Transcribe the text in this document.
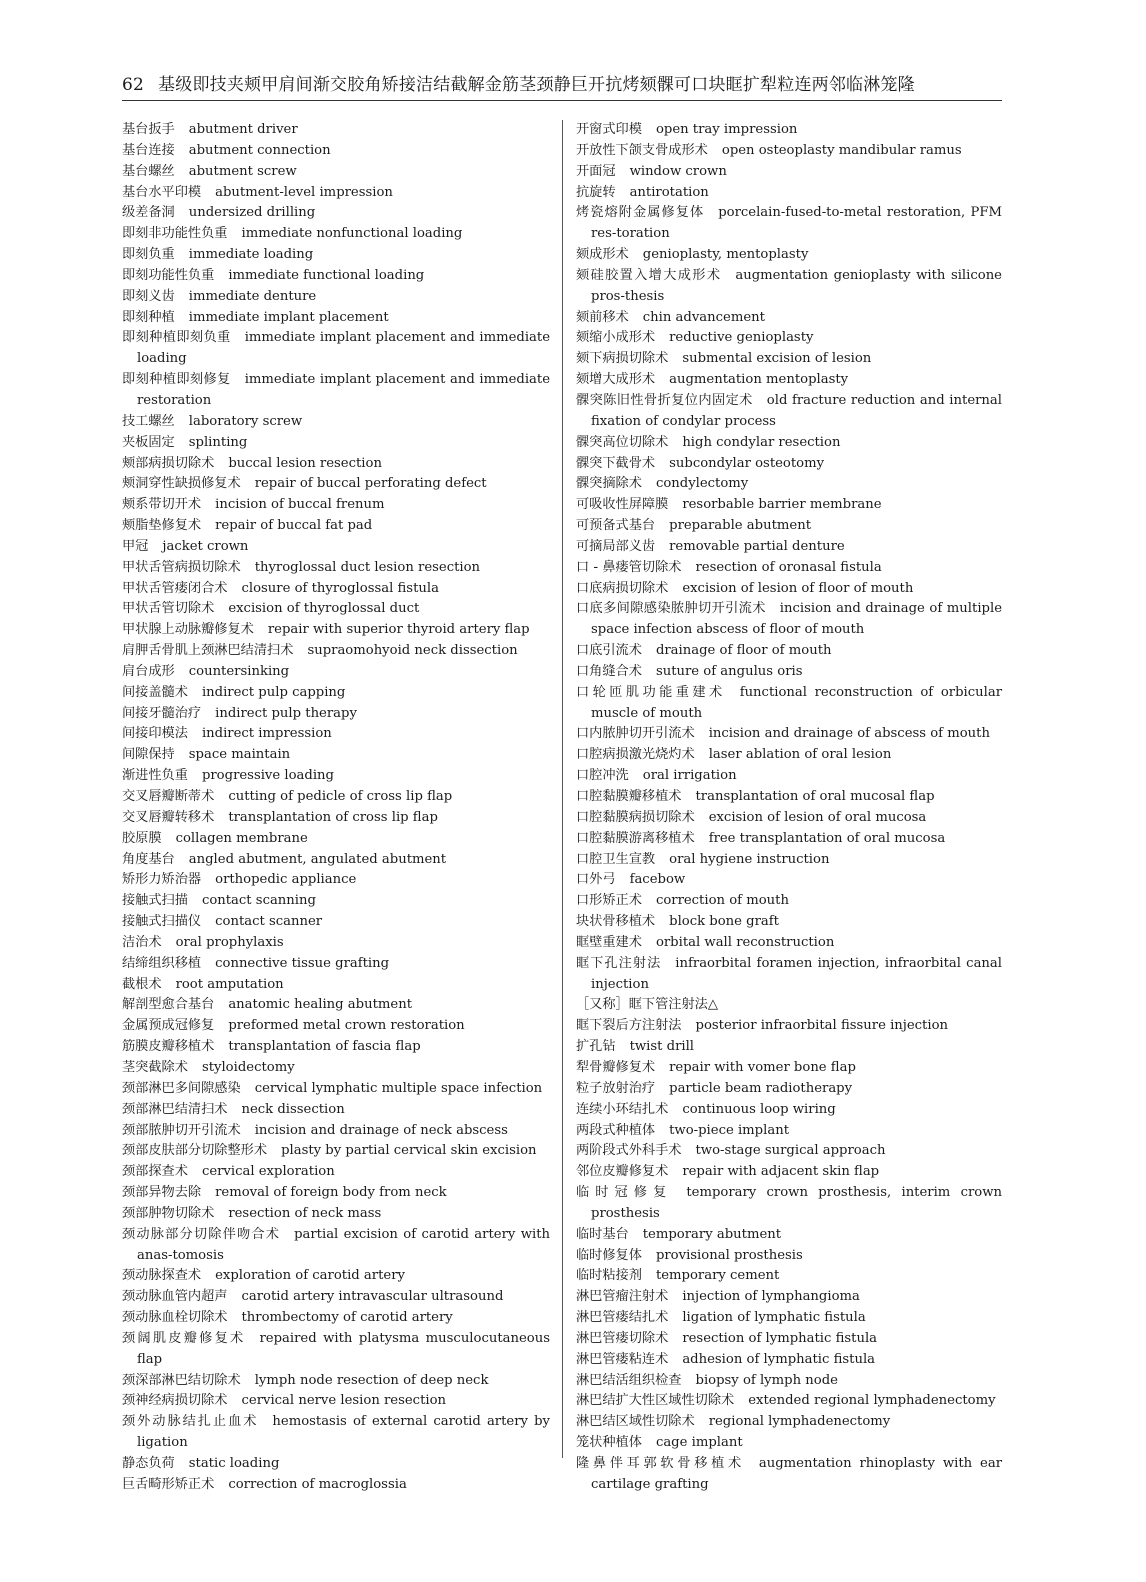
62 基级即技夹颊甲肩间渐交胶角矫接洁结截解金筋茎颈静巨开抗烤颏髁可口块眶扩犁粒连两邻临淋笼隆
基台扳手 abutment driver
基台连接 abutment connection
基台螺丝 abutment screw
基台水平印模 abutment-level impression
级差备洞 undersized drilling
即刻非功能性负重 immediate nonfunctional loading
即刻负重 immediate loading
即刻功能性负重 immediate functional loading
即刻义齿 immediate denture
即刻种植 immediate implant placement
即刻种植即刻负重 immediate implant placement and immediate loading
即刻种植即刻修复 immediate implant placement and immediate restoration
技工螺丝 laboratory screw
夹板固定 splinting
颊部病损切除术 buccal lesion resection
颊洞穿性缺损修复术 repair of buccal perforating defect
颊系带切开术 incision of buccal frenum
颊脂垫修复术 repair of buccal fat pad
甲冠 jacket crown
甲状舌管病损切除术 thyroglossal duct lesion resection
甲状舌管瘘闭合术 closure of thyroglossal fistula
甲状舌管切除术 excision of thyroglossal duct
甲状腺上动脉瓣修复术 repair with superior thyroid artery flap
肩胛舌骨肌上颈淋巴结清扫术 supraomohyoid neck dissection
肩台成形 countersinking
间接盖髓术 indirect pulp capping
间接牙髓治疗 indirect pulp therapy
间接印模法 indirect impression
间隙保持 space maintain
渐进性负重 progressive loading
交叉唇瓣断蒂术 cutting of pedicle of cross lip flap
交叉唇瓣转移术 transplantation of cross lip flap
胶原膜 collagen membrane
角度基台 angled abutment, angulated abutment
矫形力矫治器 orthopedic appliance
接触式扫描 contact scanning
接触式扫描仪 contact scanner
洁治术 oral prophylaxis
结缔组织移植 connective tissue grafting
截根术 root amputation
解剖型愈合基台 anatomic healing abutment
金属预成冠修复 preformed metal crown restoration
筋膜皮瓣移植术 transplantation of fascia flap
茎突截除术 styloidectomy
颈部淋巴多间隙感染 cervical lymphatic multiple space infection
颈部淋巴结清扫术 neck dissection
颈部脓肿切开引流术 incision and drainage of neck abscess
颈部皮肤部分切除整形术 plasty by partial cervical skin excision
颈部探查术 cervical exploration
颈部异物去除 removal of foreign body from neck
颈部肿物切除术 resection of neck mass
颈动脉部分切除伴吻合术 partial excision of carotid artery with anas-tomosis
颈动脉探查术 exploration of carotid artery
颈动脉血管内超声 carotid artery intravascular ultrasound
颈动脉血栓切除术 thrombectomy of carotid artery
颈阔肌皮瓣修复术 repaired with platysma musculocutaneous flap
颈深部淋巴结切除术 lymph node resection of deep neck
颈神经病损切除术 cervical nerve lesion resection
颈外动脉结扎止血术 hemostasis of external carotid artery by ligation
静态负荷 static loading
巨舌畸形矫正术 correction of macroglossia
开窗式印模 open tray impression
开放性下颌支骨成形术 open osteoplasty mandibular ramus
开面冠 window crown
抗旋转 antirotation
烤瓷熔附金属修复体 porcelain-fused-to-metal restoration, PFM res-toration
颏成形术 genioplasty, mentoplasty
颏硅胶置入增大成形术 augmentation genioplasty with silicone pros-thesis
颏前移术 chin advancement
颏缩小成形术 reductive genioplasty
颏下病损切除术 submental excision of lesion
颏增大成形术 augmentation mentoplasty
髁突陈旧性骨折复位内固定术 old fracture reduction and internal fixation of condylar process
髁突高位切除术 high condylar resection
髁突下截骨术 subcondylar osteotomy
髁突摘除术 condylectomy
可吸收性屏障膜 resorbable barrier membrane
可预备式基台 preparable abutment
可摘局部义齿 removable partial denture
口 - 鼻瘘管切除术 resection of oronasal fistula
口底病损切除术 excision of lesion of floor of mouth
口底多间隙感染脓肿切开引流术 incision and drainage of multiple space infection abscess of floor of mouth
口底引流术 drainage of floor of mouth
口角缝合术 suture of angulus oris
口轮匝肌功能重建术 functional reconstruction of orbicular muscle of mouth
口内脓肿切开引流术 incision and drainage of abscess of mouth
口腔病损激光烧灼术 laser ablation of oral lesion
口腔冲洗 oral irrigation
口腔黏膜瓣移植术 transplantation of oral mucosal flap
口腔黏膜病损切除术 excision of lesion of oral mucosa
口腔黏膜游离移植术 free transplantation of oral mucosa
口腔卫生宣教 oral hygiene instruction
口外弓 facebow
口形矫正术 correction of mouth
块状骨移植术 block bone graft
眶壁重建术 orbital wall reconstruction
眶下孔注射法 infraorbital foramen injection, infraorbital canal injection
［又称］眶下管注射法△
眶下裂后方注射法 posterior infraorbital fissure injection
扩孔钻 twist drill
犁骨瓣修复术 repair with vomer bone flap
粒子放射治疗 particle beam radiotherapy
连续小环结扎术 continuous loop wiring
两段式种植体 two-piece implant
两阶段式外科手术 two-stage surgical approach
邻位皮瓣修复术 repair with adjacent skin flap
临时冠修复 temporary crown prosthesis, interim crown prosthesis
临时基台 temporary abutment
临时修复体 provisional prosthesis
临时粘接剂 temporary cement
淋巴管瘤注射术 injection of lymphangioma
淋巴管瘘结扎术 ligation of lymphatic fistula
淋巴管瘘切除术 resection of lymphatic fistula
淋巴管瘘粘连术 adhesion of lymphatic fistula
淋巴结活组织检查 biopsy of lymph node
淋巴结扩大性区域性切除术 extended regional lymphadenectomy
淋巴结区域性切除术 regional lymphadenectomy
笼状种植体 cage implant
隆鼻伴耳郭软骨移植术 augmentation rhinoplasty with ear cartilage grafting
